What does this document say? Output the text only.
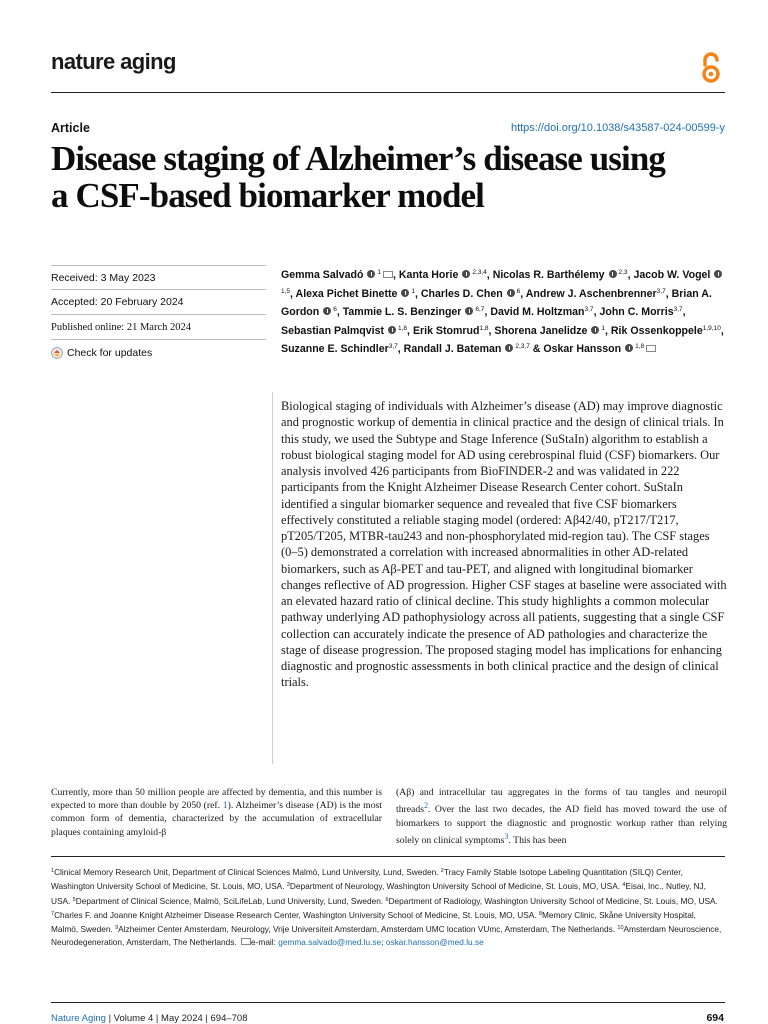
nature aging
Article	https://doi.org/10.1038/s43587-024-00599-y
Disease staging of Alzheimer’s disease using
a CSF-based biomarker model
Received: 3 May 2023
Accepted: 20 February 2024
Published online: 21 March 2024
Check for updates
Gemma Salvadó $^1$ , Kanta Horie $^{2,3,4}$, Nicolas R. Barthélemy $^{2,3}$, Jacob W. Vogel $^{1,5}$, Alexa Pichet Binette $^1$, Charles D. Chen $^6$, Andrew J. Aschenbrenner$^{3,7}$, Brian A. Gordon $^6$, Tammie L. S. Benzinger $^{6,7}$, David M. Holtzman$^{3,7}$, John C. Morris$^{3,7}$, Sebastian Palmqvist $^{1,8}$, Erik Stomrud$^{1,8}$, Shorena Janelidze $^1$, Rik Ossenkoppele$^{1,9,10}$, Suzanne E. Schindler$^{3,7}$, Randall J. Bateman $^{2,3,7}$ & Oskar Hansson $^{1,8}$
Biological staging of individuals with Alzheimer’s disease (AD) may improve diagnostic and prognostic workup of dementia in clinical practice and the design of clinical trials. In this study, we used the Subtype and Stage Inference (SuStaIn) algorithm to establish a robust biological staging model for AD using cerebrospinal fluid (CSF) biomarkers. Our analysis involved 426 participants from BioFINDER-2 and was validated in 222 participants from the Knight Alzheimer Disease Research Center cohort. SuStaIn identified a singular biomarker sequence and revealed that five CSF biomarkers effectively constituted a reliable staging model (ordered: Aβ42/40, pT217/T217, pT205/T205, MTBR-tau243 and non-phosphorylated mid-region tau). The CSF stages (0–5) demonstrated a correlation with increased abnormalities in other AD-related biomarkers, such as Aβ-PET and tau-PET, and aligned with longitudinal biomarker changes reflective of AD progression. Higher CSF stages at baseline were associated with an elevated hazard ratio of clinical decline. This study highlights a common molecular pathway underlying AD pathophysiology across all patients, suggesting that a single CSF collection can accurately indicate the presence of AD pathologies and characterize the stage of disease progression. The proposed staging model has implications for enhancing diagnostic and prognostic assessments in both clinical practice and the design of clinical trials.
Currently, more than 50 million people are affected by dementia, and this number is expected to more than double by 2050 (ref. 1). Alzheimer’s disease (AD) is the most common form of dementia, characterized by the accumulation of extracellular plaques containing amyloid-β
(Aβ) and intracellular tau aggregates in the forms of tau tangles and neuropil threads$^2$. Over the last two decades, the AD field has moved toward the use of biomarkers to support the diagnostic and prognostic workup rather than relying solely on clinical symptoms$^3$. This has been
$^1$Clinical Memory Research Unit, Department of Clinical Sciences Malmö, Lund University, Lund, Sweden. $^2$Tracy Family Stable Isotope Labeling Quantitation (SILQ) Center, Washington University School of Medicine, St. Louis, MO, USA. $^3$Department of Neurology, Washington University School of Medicine, St. Louis, MO, USA. $^4$Eisai, Inc., Nutley, NJ, USA. $^5$Department of Clinical Science, Malmö, SciLifeLab, Lund University, Lund, Sweden. $^6$Department of Radiology, Washington University School of Medicine, St. Louis, MO, USA. $^7$Charles F. and Joanne Knight Alzheimer Disease Research Center, Washington University School of Medicine, St. Louis, MO, USA. $^8$Memory Clinic, Skåne University Hospital, Malmö, Sweden. $^9$Alzheimer Center Amsterdam, Neurology, Vrije Universiteit Amsterdam, Amsterdam UMC location VUmc, Amsterdam, The Netherlands. $^{10}$Amsterdam Neuroscience, Neurodegeneration, Amsterdam, The Netherlands. e-mail: gemma.salvado@med.lu.se; oskar.hansson@med.lu.se
Nature Aging | Volume 4 | May 2024 | 694–708	694
